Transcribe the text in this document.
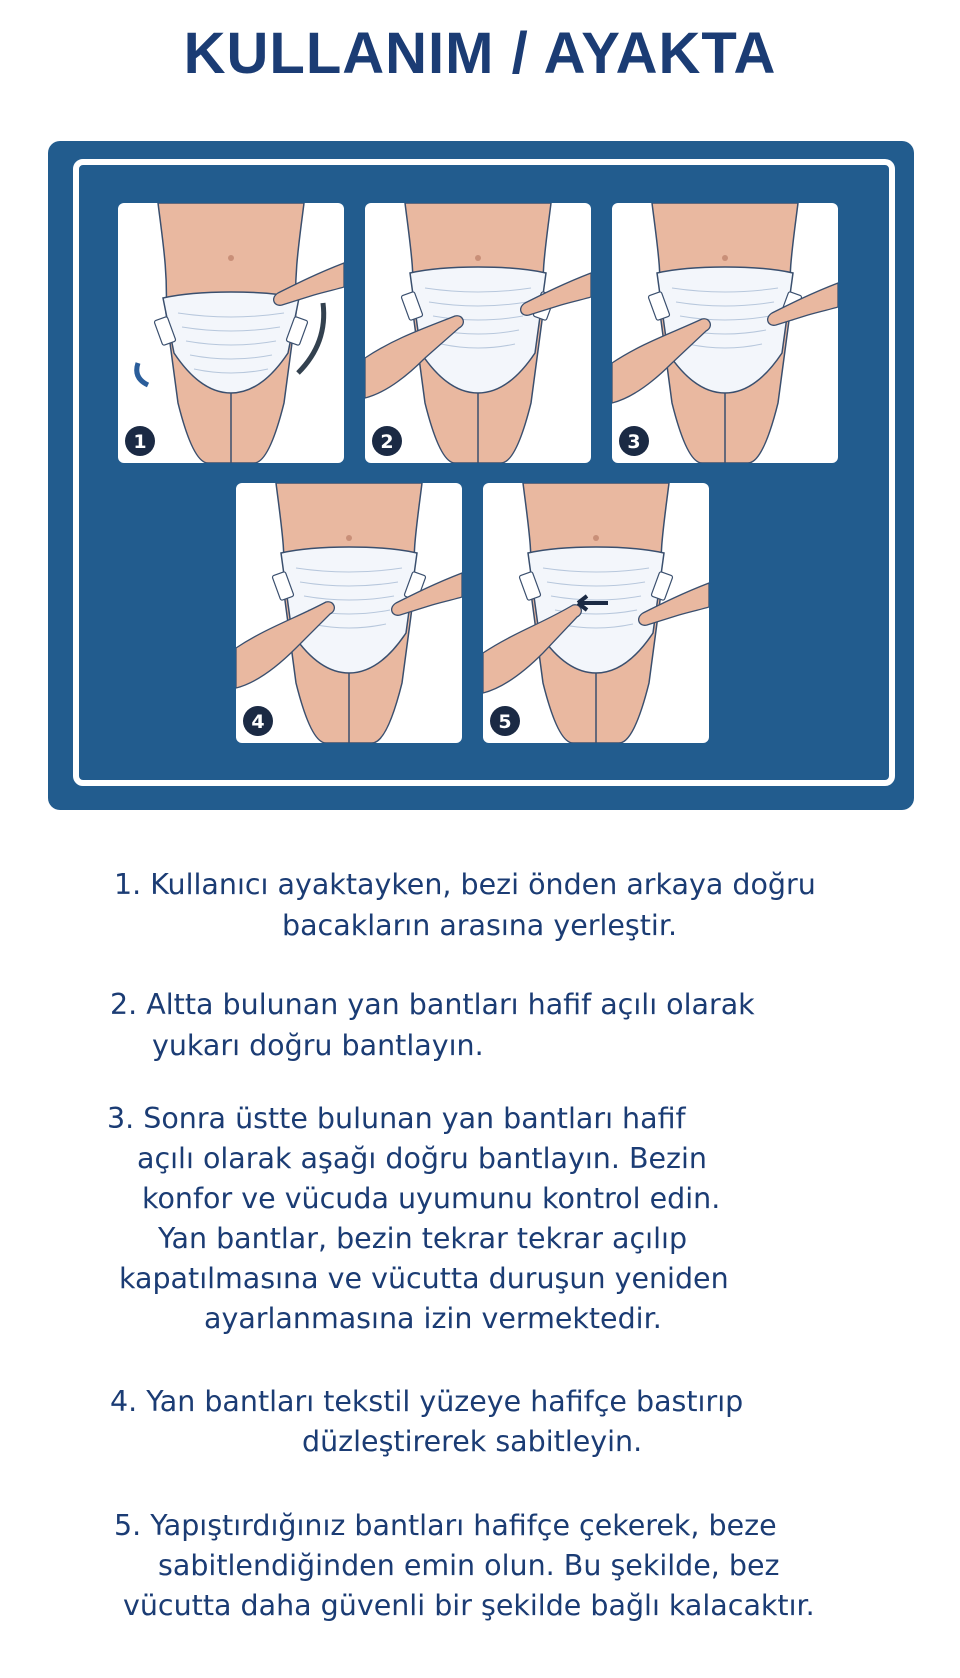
KULLANIM / AYAKTA
1	2	3
4	5
1. Kullanıcı ayaktayken, bezi önden arkaya doğru
bacakların arasına yerleştir.
2. Altta bulunan yan bantları hafif açılı olarak
yukarı doğru bantlayın.
3. Sonra üstte bulunan yan bantları hafif
açılı olarak aşağı doğru bantlayın. Bezin
konfor ve vücuda uyumunu kontrol edin.
Yan bantlar, bezin tekrar tekrar açılıp
kapatılmasına ve vücutta duruşun yeniden
ayarlanmasına izin vermektedir.
4. Yan bantları tekstil yüzeye hafifçe bastırıp
düzleştirerek sabitleyin.
5. Yapıştırdığınız bantları hafifçe çekerek, beze
sabitlendiğinden emin olun. Bu şekilde, bez
vücutta daha güvenli bir şekilde bağlı kalacaktır.
